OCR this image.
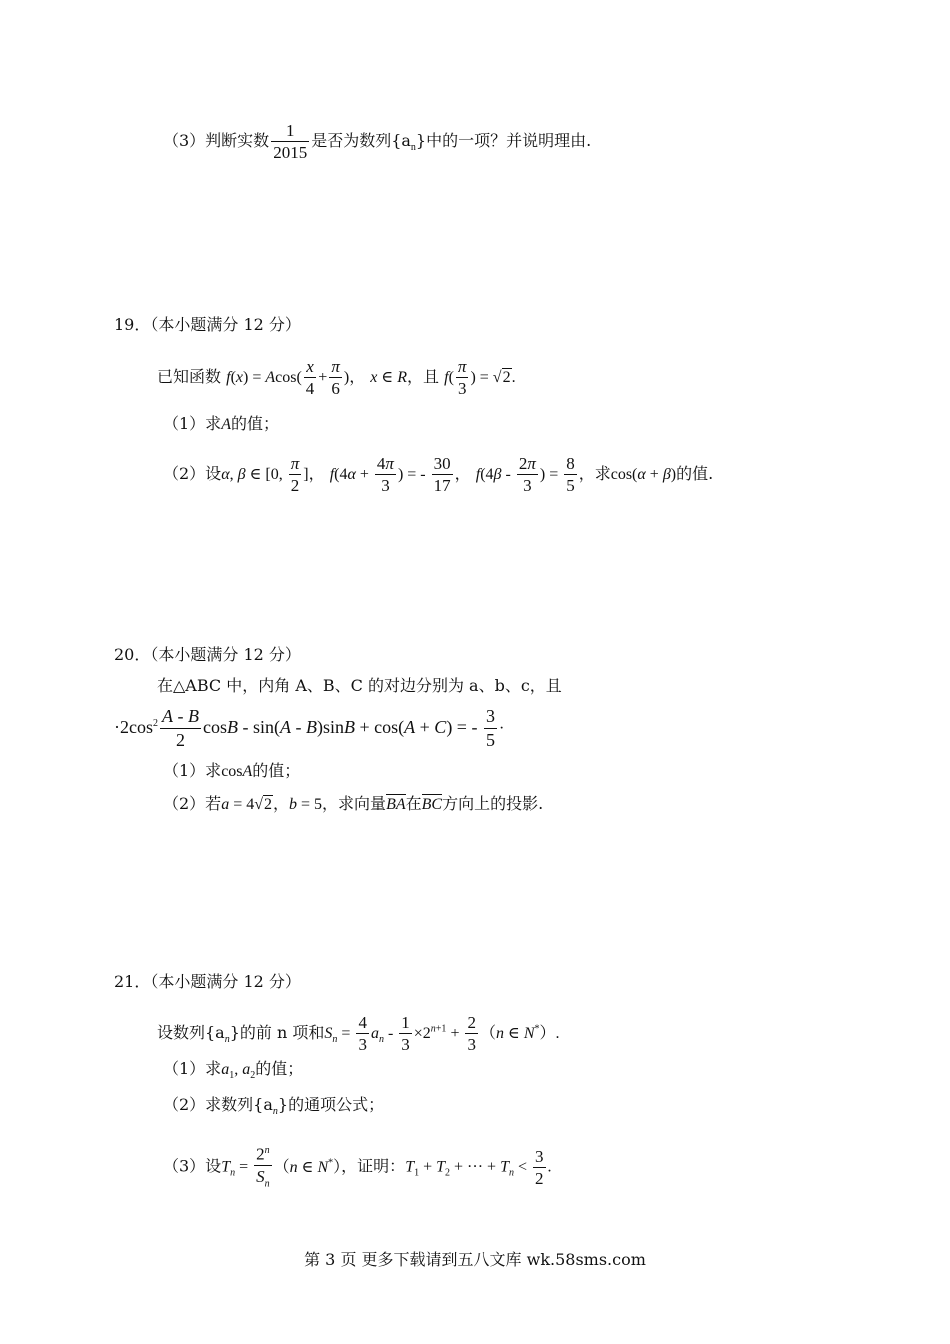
（3）判断实数 $\frac{1}{2015}$ 是否为数列$\{a_n\}$中的一项？并说明理由.
19．（本小题满分 12 分）
已知函数 $f(x) = Acos( \frac{x}{4} + \frac{\pi}{6}$ )， x ∈ R，且 $f( \frac{\pi}{3}$ ) = √2.
（1）求A的值；
（2）设α, β ∈ [0, $\frac{\pi}{2}$ ]， $f(4\alpha + \frac{4\pi}{3}$ ) = - $\frac{30}{17}$ ， $f(4\beta - \frac{2\pi}{3}$ ) = $\frac{8}{5}$ ，求cos(α + β)的值.
20．（本小题满分 12 分）
在△ABC 中，内角 A、B、C 的对边分别为 a、b、c，且
$\cdot 2\cos^2 \frac{A - B}{2}$ cosB - sin(A - B)sinB + cos(A + C) = - $\frac{3}{5}$ ·
（1）求cosA的值；
（2）若a = 4√2，b = 5，求向量BA在BC方向上的投影.
21．（本小题满分 12 分）
设数列$\{a_n\}$的前 n 项和$S_n = \frac{4}{3} a_n - \frac{1}{3} \times 2^{n+1} + \frac{2}{3} (n$ ∈ N*）.
（1）求$a_1$, $a_2$的值；
（2）求数列$\{a_n\}$的通项公式；
（3）设$T_n = \frac{2^n}{S_n} (n$ ∈ N*），证明：$T_1 + T_2$ + ··· + $T_n < \frac{3}{2}$ .
第 3 页 更多下载请到五八文库 wk.58sms.com
